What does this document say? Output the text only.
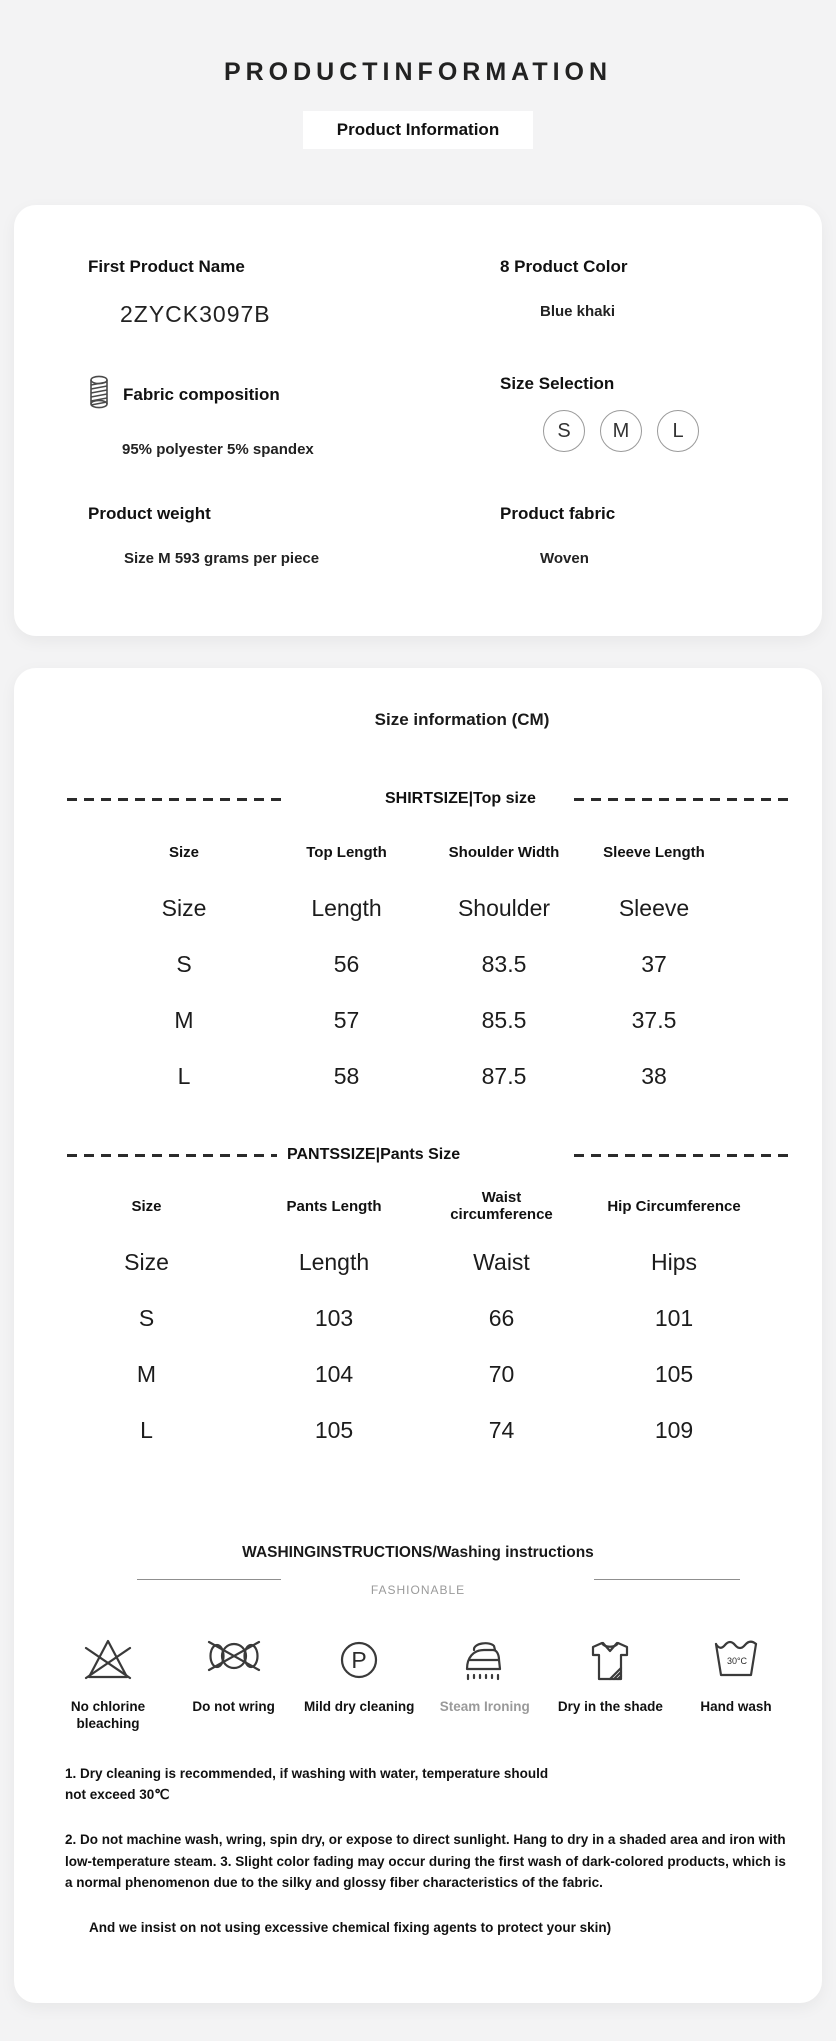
PRODUCTINFORMATION
Product Information
First Product Name
2ZYCK3097B
8 Product Color
Blue khaki
Fabric composition
95% polyester 5% spandex
Size Selection
S	M	L
Product weight
Size M 593 grams per piece
Product fabric
Woven
Size information (CM)
SHIRTSIZE|Top size
Size	Top Length	Shoulder Width	Sleeve Length
Size	Length	Shoulder	Sleeve
S	56	83.5	37
M	57	85.5	37.5
L	58	87.5	38
PANTSSIZE|Pants Size
Size	Pants Length	Waist circumference	Hip Circumference
Size	Length	Waist	Hips
S	103	66	101
M	104	70	105
L	105	74	109
WASHINGINSTRUCTIONS/Washing instructions
FASHIONABLE
No chlorine bleaching
Do not wring
P
Mild dry cleaning Steam Ironing Dry in the shade
30°C
Hand wash
1. Dry cleaning is recommended, if washing with water, temperature should not exceed 30℃
2. Do not machine wash, wring, spin dry, or expose to direct sunlight. Hang to dry in a shaded area and iron with low-temperature steam. 3. Slight color fading may occur during the first wash of dark-colored products, which is a normal phenomenon due to the silky and glossy fiber characteristics of the fabric.
And we insist on not using excessive chemical fixing agents to protect your skin)
